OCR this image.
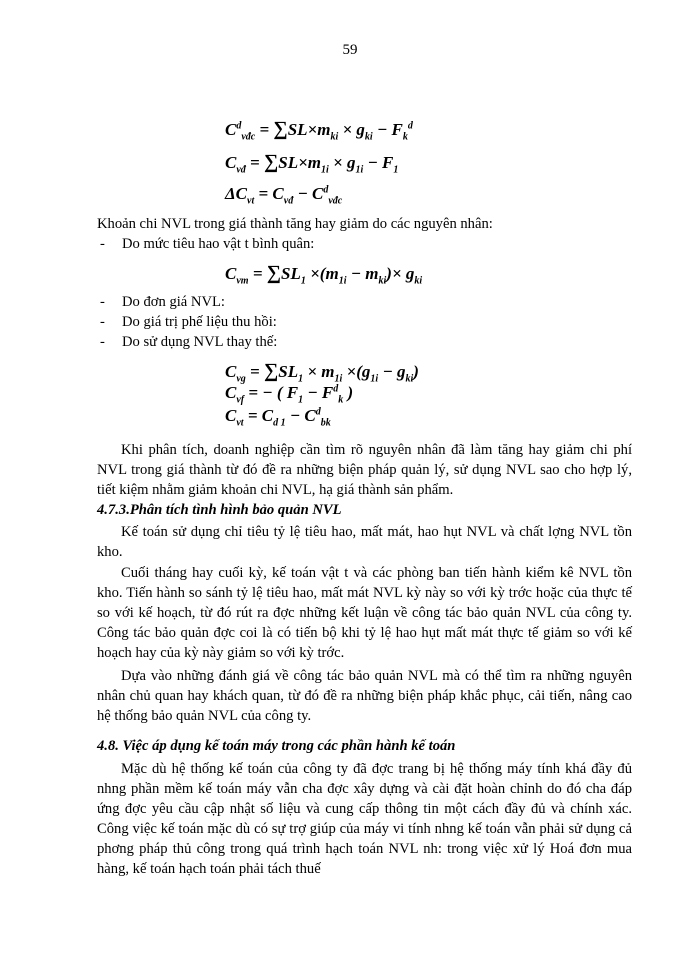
59
$C^d_{vđc} = \sum SL\times m_{ki} \times g_{ki} - F_k^d$
$C_{vđ} = \sum SL\times m_{1i} \times g_{1i} - F_1$
$\Delta C_{vt} = C_{vđ} - C^d_{vđc}$
Khoản chi NVL trong giá thành tăng hay giảm do các nguyên nhân:
- Do mức tiêu hao vật t bình quân:
$C_{vm} = \sum SL_1 \times(m_{1i} - m_{ki})\times g_{ki}$
- Do đơn giá NVL:
- Do giá trị phế liệu thu hồi:
- Do sử dụng NVL thay thế:
$C_{vg} = \sum SL_1 \times m_{1i} \times(g_{1i} - g_{ki})$
$C_{vf}$ = − ( $F_1 - F^d_k$ )
$C_{vt} = C_{d 1} - C^d_{bk}$
Khi phân tích, doanh nghiệp cần tìm rõ nguyên nhân đã làm tăng hay giảm chi phí NVL trong giá thành từ đó đề ra những biện pháp quản lý, sử dụng NVL sao cho hợp lý, tiết kiệm nhằm giảm khoản chi NVL, hạ giá thành sản phẩm.
4.7.3.Phân tích tình hình bảo quản NVL
Kế toán sử dụng chỉ tiêu tỷ lệ tiêu hao, mất mát, hao hụt NVL và chất lợng NVL tồn kho.
Cuối tháng hay cuối kỳ, kế toán vật t và các phòng ban tiến hành kiểm kê NVL tồn kho. Tiến hành so sánh tỷ lệ tiêu hao, mất mát NVL kỳ này so với kỳ trớc hoặc của thực tế so với kế hoạch, từ đó rút ra đợc những kết luận về công tác bảo quản NVL của công ty. Công tác bảo quản đợc coi là có tiến bộ khi tỷ lệ hao hụt mất mát thực tế giảm so với kế hoạch hay của kỳ này giảm so với kỳ trớc.
Dựa vào những đánh giá về công tác bảo quản NVL mà có thể tìm ra những nguyên nhân chủ quan hay khách quan, từ đó đề ra những biện pháp khắc phục, cải tiến, nâng cao hệ thống bảo quản NVL của công ty.
4.8. Việc áp dụng kế toán máy trong các phần hành kế toán
Mặc dù hệ thống kế toán của công ty đã đợc trang bị hệ thống máy tính khá đầy đủ nhng phần mềm kế toán máy vẫn cha đợc xây dựng và cài đặt hoàn chỉnh do đó cha đáp ứng đợc yêu cầu cập nhật số liệu và cung cấp thông tin một cách đầy đủ và chính xác. Công việc kế toán mặc dù có sự trợ giúp của máy vi tính nhng kế toán vẫn phải sử dụng cả phơng pháp thủ công trong quá trình hạch toán NVL nh: trong việc xử lý Hoá đơn mua hàng, kế toán hạch toán phải tách thuế
